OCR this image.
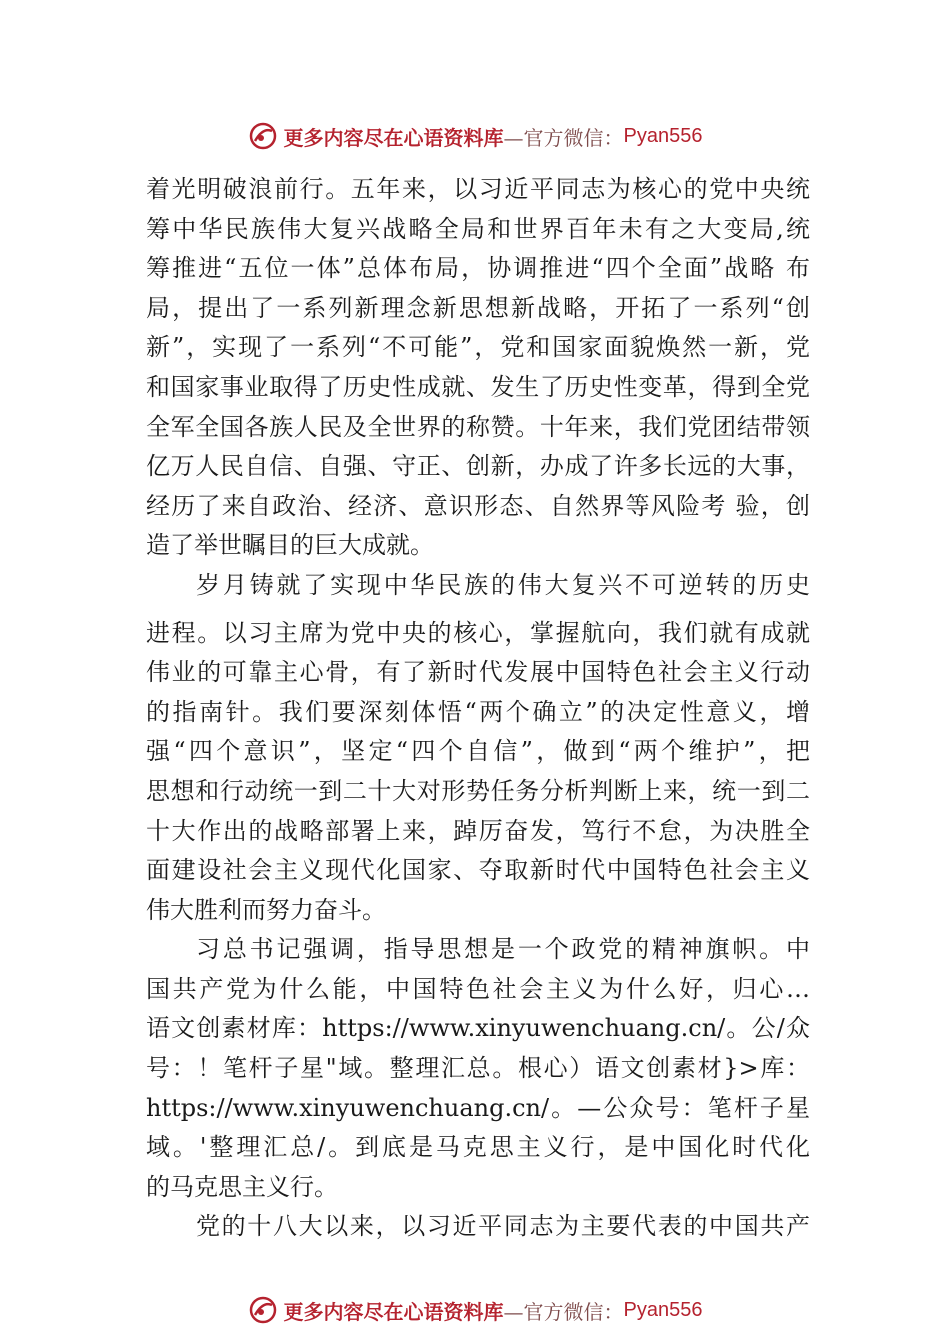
更多内容尽在心语资料库 —官方微信： Pyan556
着光明破浪前行。五年来，以习近平同志为核心的党中央统
筹中华民族伟大复兴战略全局和世界百年未有之大变局,统
筹推进“五位一体”总体布局，协调推进“四个全面”战略 布
局，提出了一系列新理念新思想新战略，开拓了一系列“创
新”，实现了一系列“不可能”，党和国家面貌焕然一新，党
和国家事业取得了历史性成就、发生了历史性变革，得到全党
全军全国各族人民及全世界的称赞。十年来，我们党团结带领
亿万人民自信、自强、守正、创新，办成了许多长远的大事，
经历了来自政治、经济、意识形态、自然界等风险考 验，创
造了举世瞩目的巨大成就。
岁月铸就了实现中华民族的伟大复兴不可逆转的历史
进程。以习主席为党中央的核心，掌握航向，我们就有成就
伟业的可靠主心骨，有了新时代发展中国特色社会主义行动
的指南针。我们要深刻体悟“两个确立”的决定性意义，增
强“四个意识”，坚定“四个自信”，做到“两个维护”，把
思想和行动统一到二十大对形势任务分析判断上来，统一到二
十大作出的战略部署上来，踔厉奋发，笃行不怠，为决胜全
面建设社会主义现代化国家、夺取新时代中国特色社会主义
伟大胜利而努力奋斗。
习总书记强调，指导思想是一个政党的精神旗帜。中
国共产党为什么能，中国特色社会主义为什么好，归心…
语文创素材库：https://www.xinyuwenchuang.cn/。公/众
号：！笔杆子星"域。整理汇总。根心）语文创素材}>库：
https://www.xinyuwenchuang.cn/。—公众号：笔杆子星
域。'整理汇总/。到底是马克思主义行，是中国化时代化
的马克思主义行。
党的十八大以来，以习近平同志为主要代表的中国共产
更多内容尽在心语资料库 —官方微信： Pyan556
